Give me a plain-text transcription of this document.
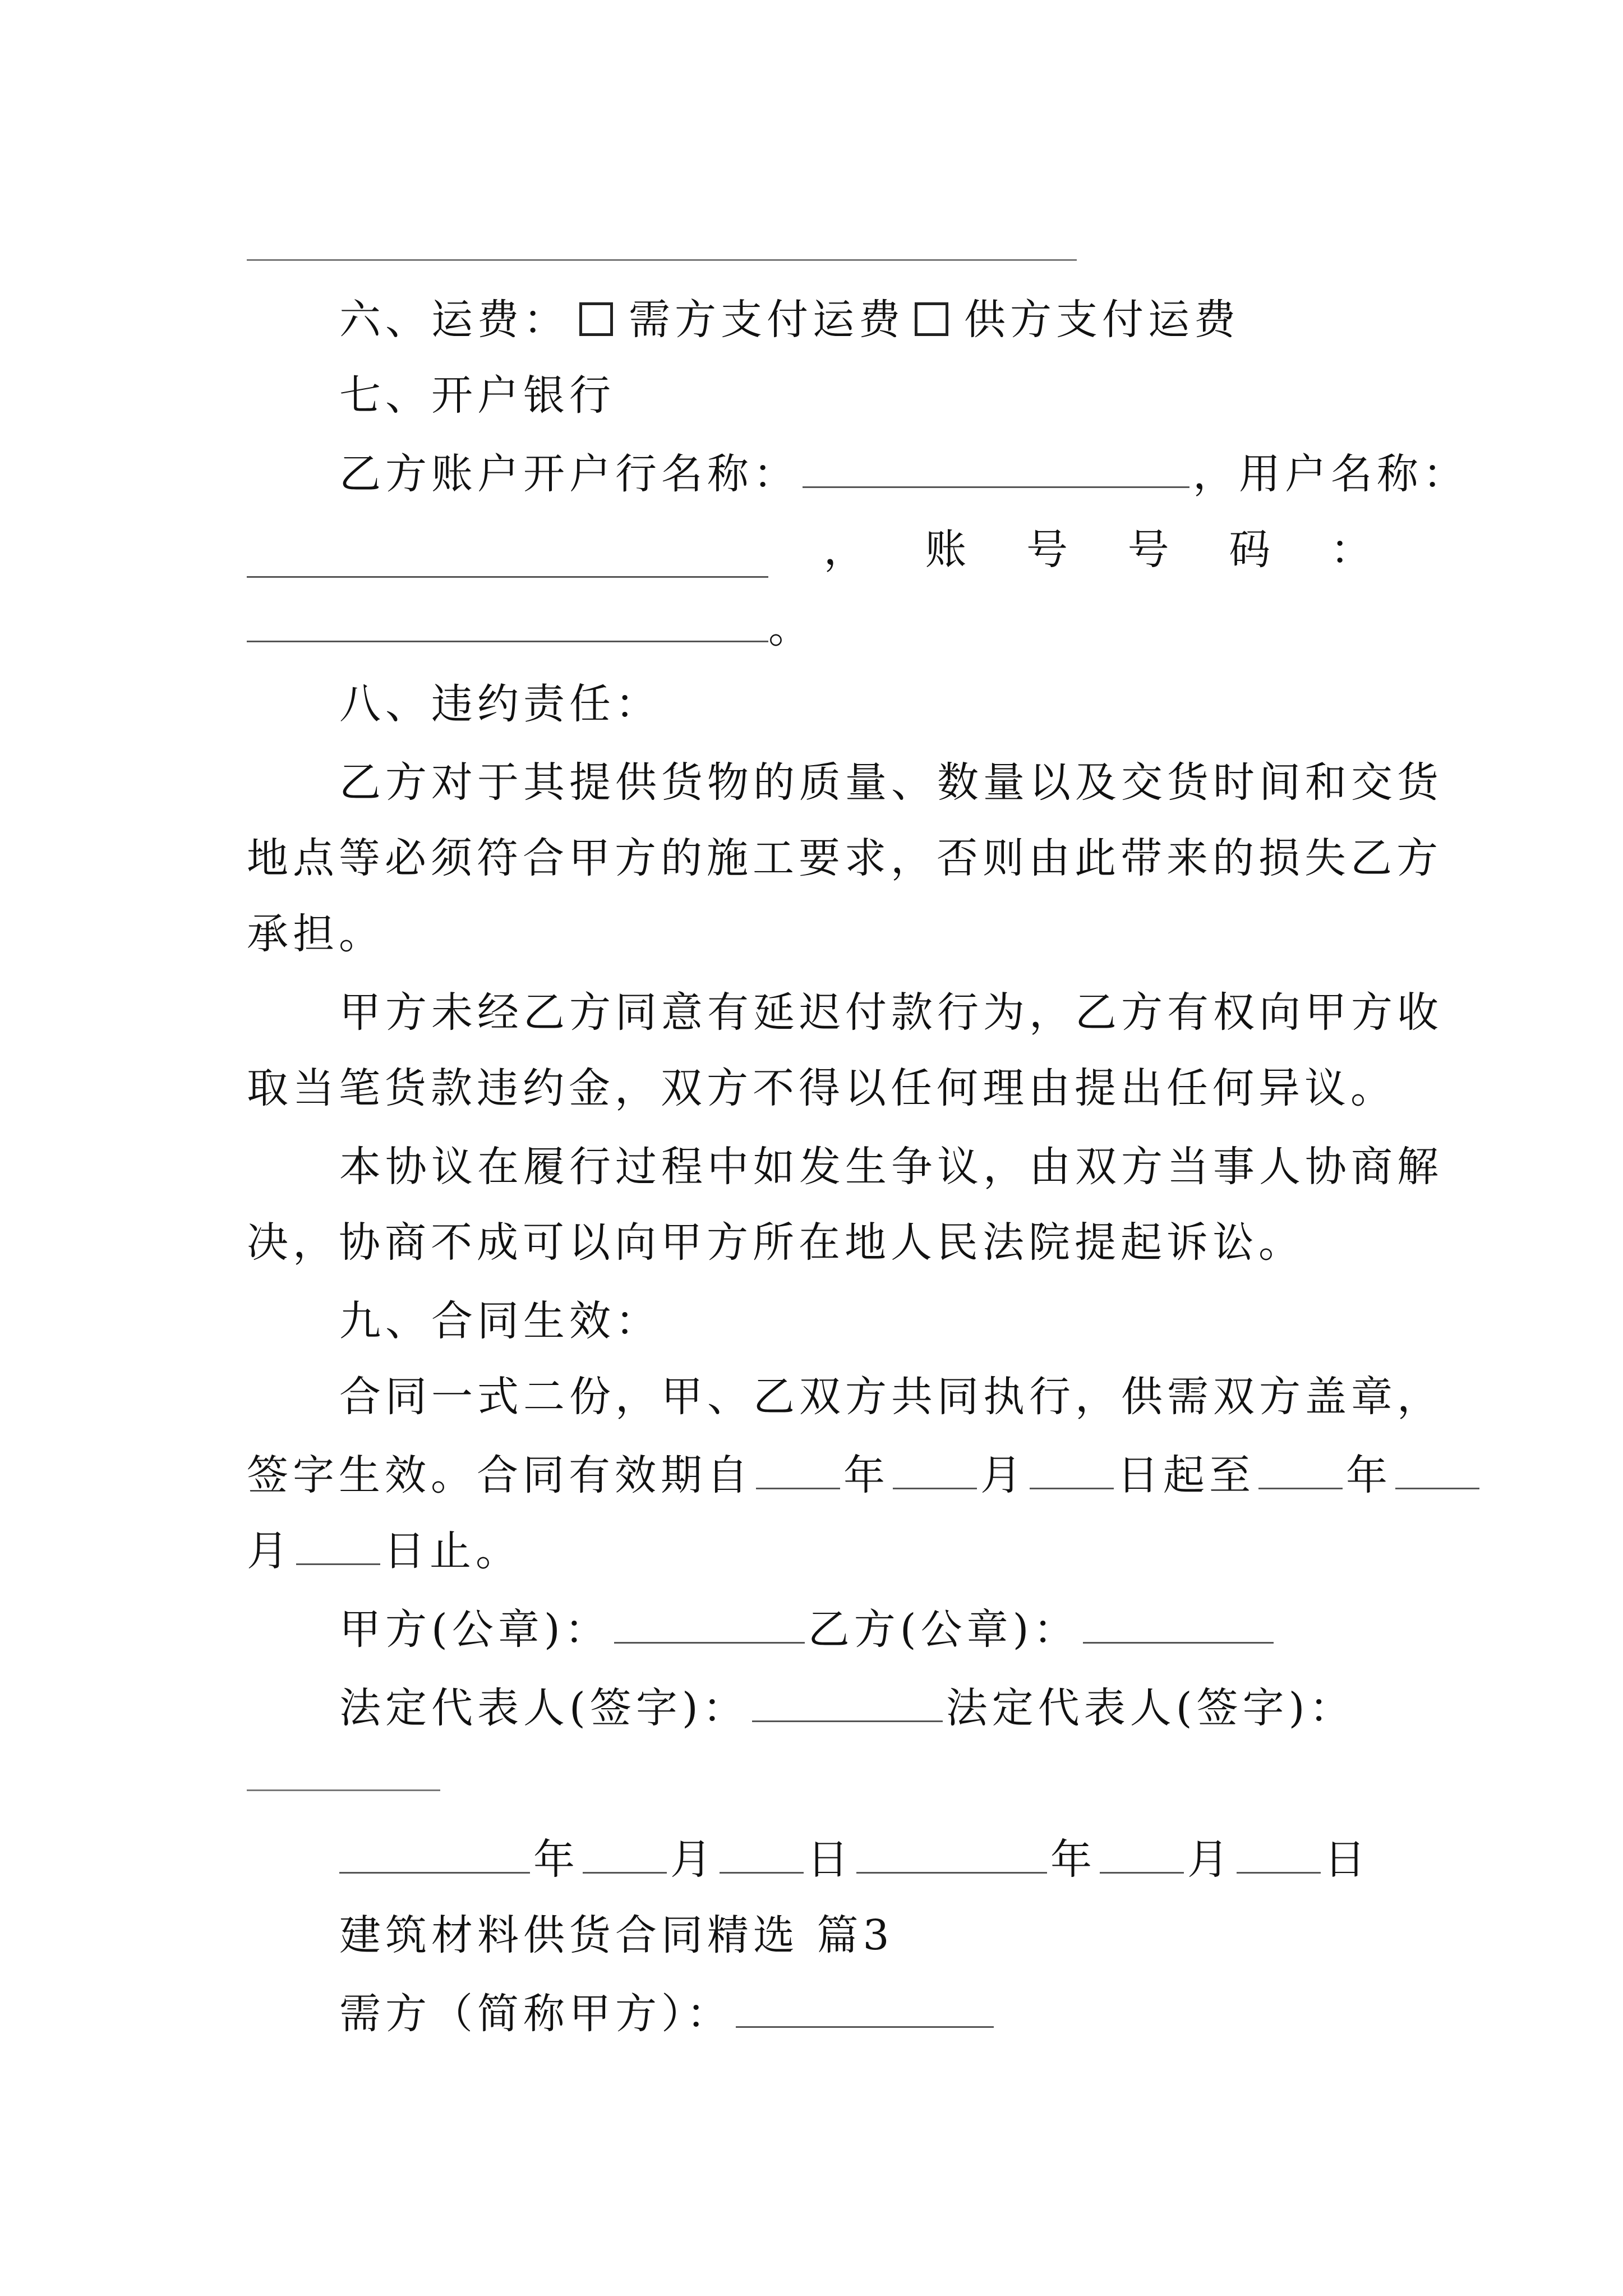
六、运费： 需方支付运费 供方支付运费
七、开户银行
乙方账户开户行名称：	，用户名称：
， 账 号 号 码 ：
。
八、违约责任：
乙方对于其提供货物的质量、数量以及交货时间和交货
地点等必须符合甲方的施工要求，否则由此带来的损失乙方
承担。
甲方未经乙方同意有延迟付款行为，乙方有权向甲方收
取当笔货款违约金，双方不得以任何理由提出任何异议。
本协议在履行过程中如发生争议，由双方当事人协商解
决，协商不成可以向甲方所在地人民法院提起诉讼。
九、合同生效：
合同一式二份，甲、乙双方共同执行，供需双方盖章，
签字生效。合同有效期自 年 月 日起至 年
月 日止。
甲方(公章)：	乙方(公章)：
法定代表人(签字)：	法定代表人(签字)：
年 月 日	年 月 日
建筑材料供货合同精选 篇3
需方（简称甲方）：
